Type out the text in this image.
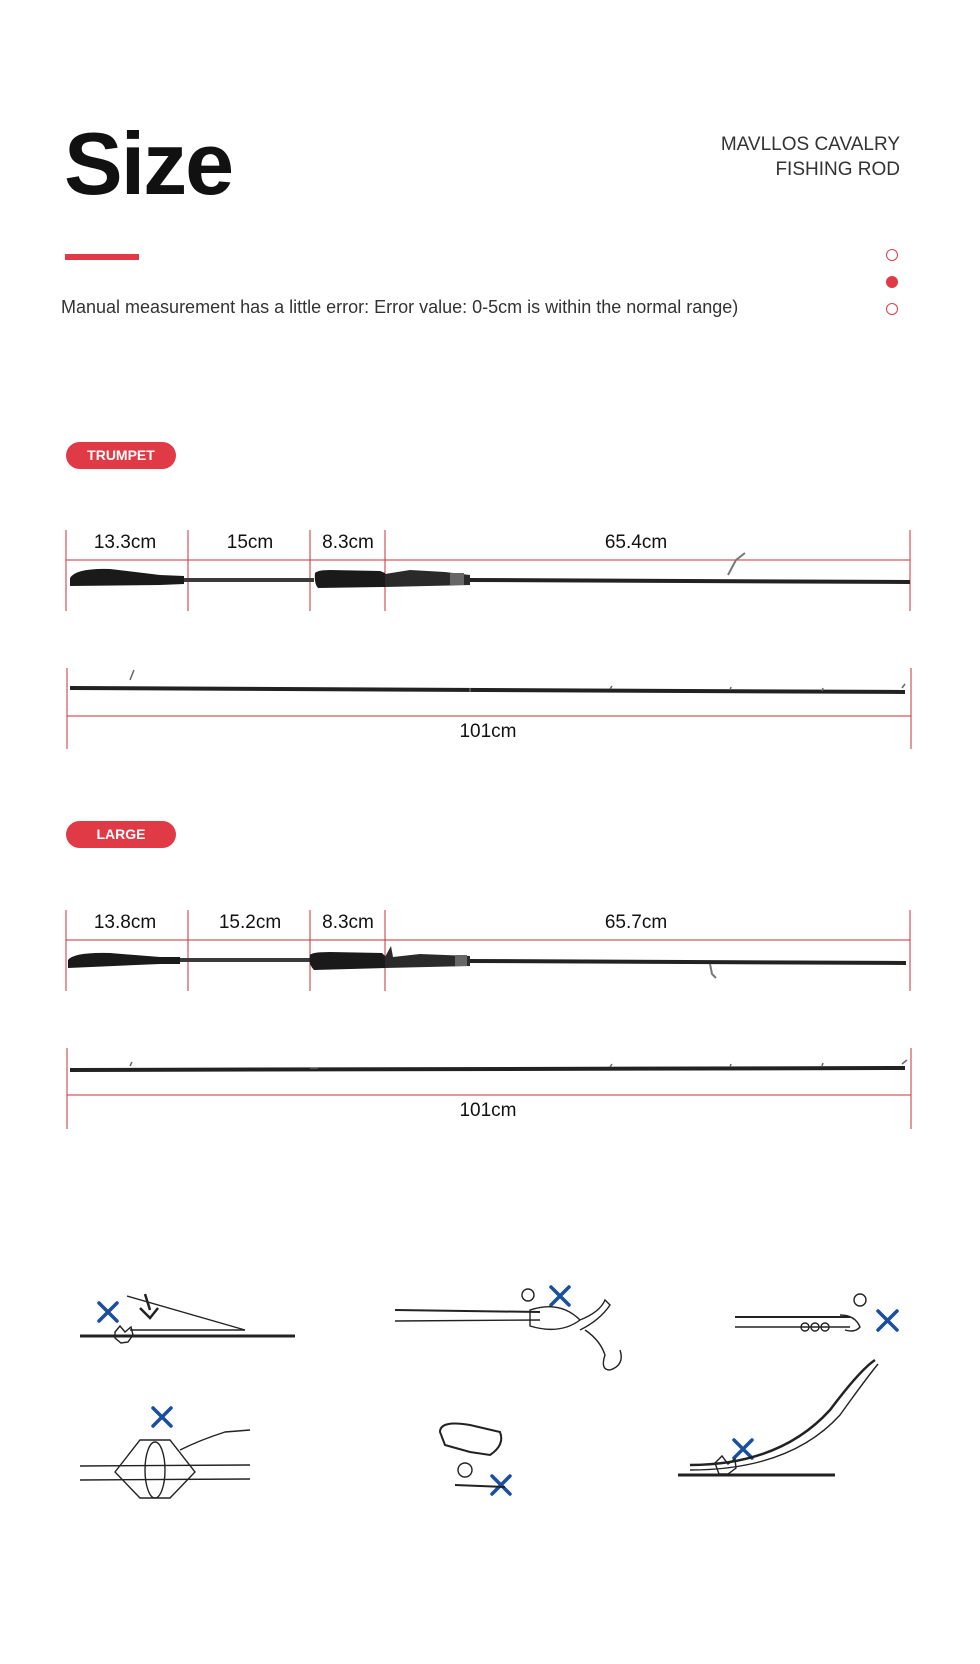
Size	MAVLLOS CAVALRY
FISHING ROD
Manual measurement has a little error: Error value: 0-5cm is within the normal range)
TRUMPET
13.3cm	15cm	8.3cm	65.4cm
101cm
LARGE
13.8cm	15.2cm 8.3cm	65.7cm
101cm
